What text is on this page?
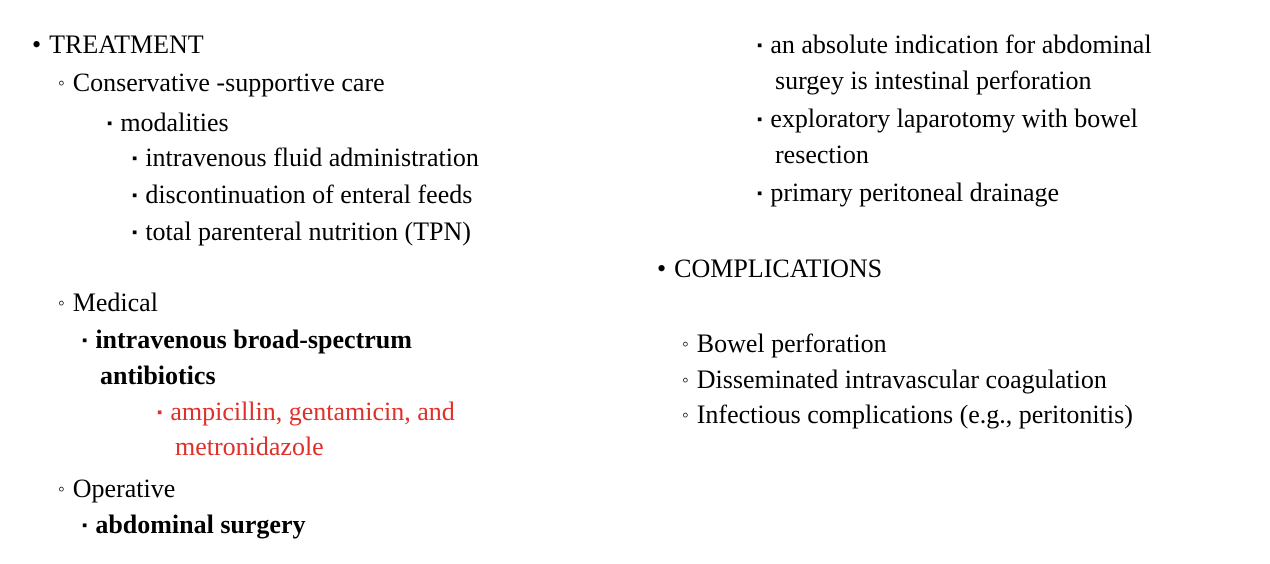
• TREATMENT
◦ Conservative -supportive care
▪ modalities
▪ intravenous fluid administration
▪ discontinuation of enteral feeds
▪ total parenteral nutrition (TPN)
◦ Medical
▪ intravenous broad-spectrum
antibiotics
▪ ampicillin, gentamicin, and
metronidazole
◦ Operative
▪ abdominal surgery
▪ an absolute indication for abdominal
surgey is intestinal perforation
▪ exploratory laparotomy with bowel
resection
▪ primary peritoneal drainage
• COMPLICATIONS
◦ Bowel perforation
◦ Disseminated intravascular coagulation
◦ Infectious complications (e.g., peritonitis)
